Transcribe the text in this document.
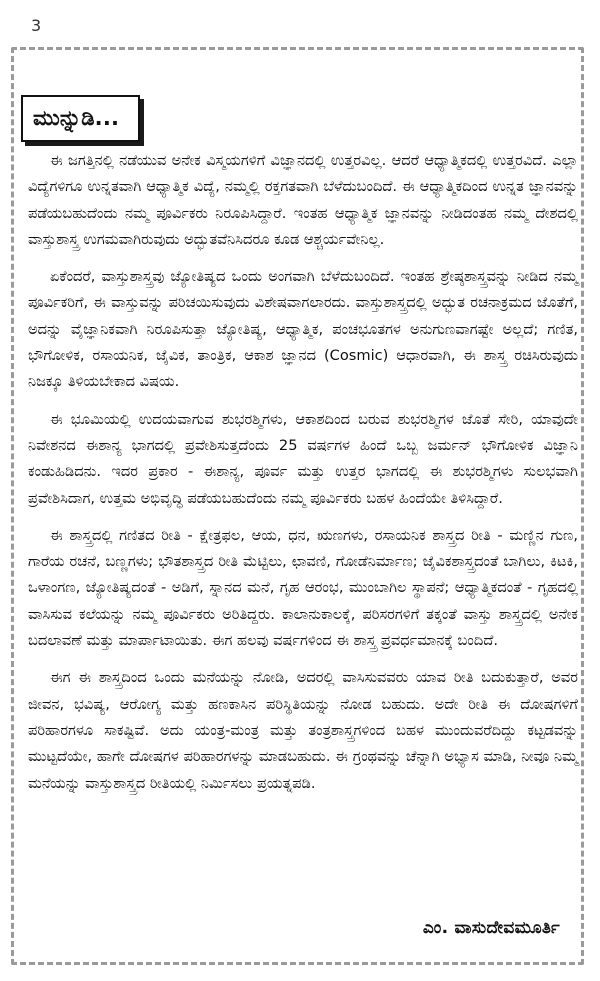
3
ಮುನ್ನುಡಿ...

ಈ ಜಗತ್ತಿನಲ್ಲಿ ನಡೆಯುವ ಅನೇಕ ವಿಸ್ಮಯಗಳಿಗೆ ವಿಜ್ಞಾನದಲ್ಲಿ ಉತ್ತರವಿಲ್ಲ. ಆದರೆ ಆಧ್ಯಾತ್ಮಿಕದಲ್ಲಿ ಉತ್ತರವಿದೆ. ಎಲ್ಲಾ ವಿದ್ಯೆಗಳಿಗೂ ಉನ್ನತವಾಗಿ ಆಧ್ಯಾತ್ಮಿಕ ವಿದ್ಯೆ, ನಮ್ಮಲ್ಲಿ ರಕ್ತಗತವಾಗಿ ಬೆಳೆದುಬಂದಿದೆ. ಈ ಆಧ್ಯಾತ್ಮಿಕದಿಂದ ಉನ್ನತ ಜ್ಞಾನವನ್ನು ಪಡೆಯಬಹುದೆಂದು ನಮ್ಮ ಪೂರ್ವಿಕರು ನಿರೂಪಿಸಿದ್ದಾರೆ. ಇಂತಹ ಆಧ್ಯಾತ್ಮಿಕ ಜ್ಞಾನವನ್ನು ನೀಡಿದಂತಹ ನಮ್ಮ ದೇಶದಲ್ಲಿ ವಾಸ್ತುಶಾಸ್ತ್ರ ಉಗಮವಾಗಿರುವುದು ಅದ್ಭುತವೆನಿಸಿದರೂ ಕೂಡ ಆಶ್ಚರ್ಯವೇನಿಲ್ಲ.

ಏಕೆಂದರೆ, ವಾಸ್ತುಶಾಸ್ತ್ರವು ಜ್ಯೋತಿಷ್ಯದ ಒಂದು ಅಂಗವಾಗಿ ಬೆಳೆದುಬಂದಿದೆ. ಇಂತಹ ಶ್ರೇಷ್ಠಶಾಸ್ತ್ರವನ್ನು ನೀಡಿದ ನಮ್ಮ ಪೂರ್ವಿಕರಿಗೆ, ಈ ವಾಸ್ತುವನ್ನು ಪರಿಚಯಿಸುವುದು ವಿಶೇಷವಾಗಲಾರದು. ವಾಸ್ತುಶಾಸ್ತ್ರದಲ್ಲಿ ಅದ್ಭುತ ರಚನಾಕ್ರಮದ ಜೊತೆಗೆ, ಅದನ್ನು ವೈಜ್ಞಾನಿಕವಾಗಿ ನಿರೂಪಿಸುತ್ತಾ ಜ್ಯೋತಿಷ್ಯ, ಆಧ್ಯಾತ್ಮಿಕ, ಪಂಚಭೂತಗಳ ಅನುಗುಣವಾಗಷ್ಟೇ ಅಲ್ಲದೆ; ಗಣಿತ, ಭೌಗೋಳಿಕ, ರಸಾಯನಿಕ, ಜೈವಿಕ, ತಾಂತ್ರಿಕ, ಆಕಾಶ ಜ್ಞಾನದ (Cosmic) ಆಧಾರವಾಗಿ, ಈ ಶಾಸ್ತ್ರ ರಚಿಸಿರುವುದು ನಿಜಕ್ಕೂ ತಿಳಿಯಬೇಕಾದ ವಿಷಯ.

ಈ ಭೂಮಿಯಲ್ಲಿ ಉದಯವಾಗುವ ಶುಭರಶ್ಮಿಗಳು, ಆಕಾಶದಿಂದ ಬರುವ ಶುಭರಶ್ಮಿಗಳ ಜೊತೆ ಸೇರಿ, ಯಾವುದೇ ನಿವೇಶನದ ಈಶಾನ್ಯ ಭಾಗದಲ್ಲಿ ಪ್ರವೇಶಿಸುತ್ತದೆಂದು 25 ವರ್ಷಗಳ ಹಿಂದೆ ಒಬ್ಬ ಜರ್ಮನ್ ಭೌಗೋಳಿಕ ವಿಜ್ಞಾನಿ ಕಂಡುಹಿಡಿದನು. ಇದರ ಪ್ರಕಾರ - ಈಶಾನ್ಯ, ಪೂರ್ವ ಮತ್ತು ಉತ್ತರ ಭಾಗದಲ್ಲಿ ಈ ಶುಭರಶ್ಮಿಗಳು ಸುಲಭವಾಗಿ ಪ್ರವೇಶಿಸಿದಾಗ, ಉತ್ತಮ ಅಭಿವೃದ್ಧಿ ಪಡೆಯಬಹುದೆಂದು ನಮ್ಮ ಪೂರ್ವಿಕರು ಬಹಳ ಹಿಂದೆಯೇ ತಿಳಿಸಿದ್ದಾರೆ.

ಈ ಶಾಸ್ತ್ರದಲ್ಲಿ ಗಣಿತದ ರೀತಿ - ಕ್ಷೇತ್ರಫಲ, ಆಯ, ಧನ, ಋಣಗಳು, ರಸಾಯನಿಕ ಶಾಸ್ತ್ರದ ರೀತಿ - ಮಣ್ಣಿನ ಗುಣ, ಗಾರೆಯ ರಚನೆ, ಬಣ್ಣಗಳು; ಭೌತಶಾಸ್ತ್ರದ ರೀತಿ ಮೆಟ್ಟಿಲು, ಛಾವಣಿ, ಗೋಡೆನಿರ್ಮಾಣ; ಜೈವಿಕಶಾಸ್ತ್ರದಂತೆ ಬಾಗಿಲು, ಕಿಟಕಿ, ಒಳಾಂಗಣ, ಜ್ಯೋತಿಷ್ಯದಂತೆ - ಅಡಿಗೆ, ಸ್ನಾನದ ಮನೆ, ಗೃಹ ಆರಂಭ, ಮುಂಬಾಗಿಲ ಸ್ಥಾಪನೆ; ಆಧ್ಯಾತ್ಮಿಕದಂತೆ - ಗೃಹದಲ್ಲಿ ವಾಸಿಸುವ ಕಲೆಯನ್ನು ನಮ್ಮ ಪೂರ್ವಿಕರು ಅರಿತಿದ್ದರು. ಕಾಲಾನುಕಾಲಕ್ಕೆ, ಪರಿಸರಗಳಿಗೆ ತಕ್ಕಂತೆ ವಾಸ್ತು ಶಾಸ್ತ್ರದಲ್ಲಿ ಅನೇಕ ಬದಲಾವಣೆ ಮತ್ತು ಮಾರ್ಪಾಟಾಯಿತು. ಈಗ ಹಲವು ವರ್ಷಗಳಿಂದ ಈ ಶಾಸ್ತ್ರ ಪ್ರವರ್ಧಮಾನಕ್ಕೆ ಬಂದಿದೆ.

ಈಗ ಈ ಶಾಸ್ತ್ರದಿಂದ ಒಂದು ಮನೆಯನ್ನು ನೋಡಿ, ಅದರಲ್ಲಿ ವಾಸಿಸುವವರು ಯಾವ ರೀತಿ ಬದುಕುತ್ತಾರೆ, ಅವರ ಜೀವನ, ಭವಿಷ್ಯ, ಆರೋಗ್ಯ ಮತ್ತು ಹಣಕಾಸಿನ ಪರಿಸ್ಥಿತಿಯನ್ನು ನೋಡ ಬಹುದು. ಅದೇ ರೀತಿ ಈ ದೋಷಗಳಿಗೆ ಪರಿಹಾರಗಳೂ ಸಾಕಷ್ಟಿವೆ. ಅದು ಯಂತ್ರ-ಮಂತ್ರ ಮತ್ತು ತಂತ್ರಶಾಸ್ತ್ರಗಳಿಂದ ಬಹಳ ಮುಂದುವರೆದಿದ್ದು ಕಟ್ಟಡವನ್ನು ಮುಟ್ಟದೆಯೇ, ಹಾಗೇ ದೋಷಗಳ ಪರಿಹಾರಗಳನ್ನು ಮಾಡಬಹುದು. ಈ ಗ್ರಂಥವನ್ನು ಚೆನ್ನಾಗಿ ಅಭ್ಯಾಸ ಮಾಡಿ, ನೀವೂ ನಿಮ್ಮ ಮನೆಯನ್ನು ವಾಸ್ತುಶಾಸ್ತ್ರದ ರೀತಿಯಲ್ಲಿ ನಿರ್ಮಿಸಲು ಪ್ರಯತ್ನಪಡಿ.

ಎಂ. ವಾಸುದೇವಮೂರ್ತಿ
